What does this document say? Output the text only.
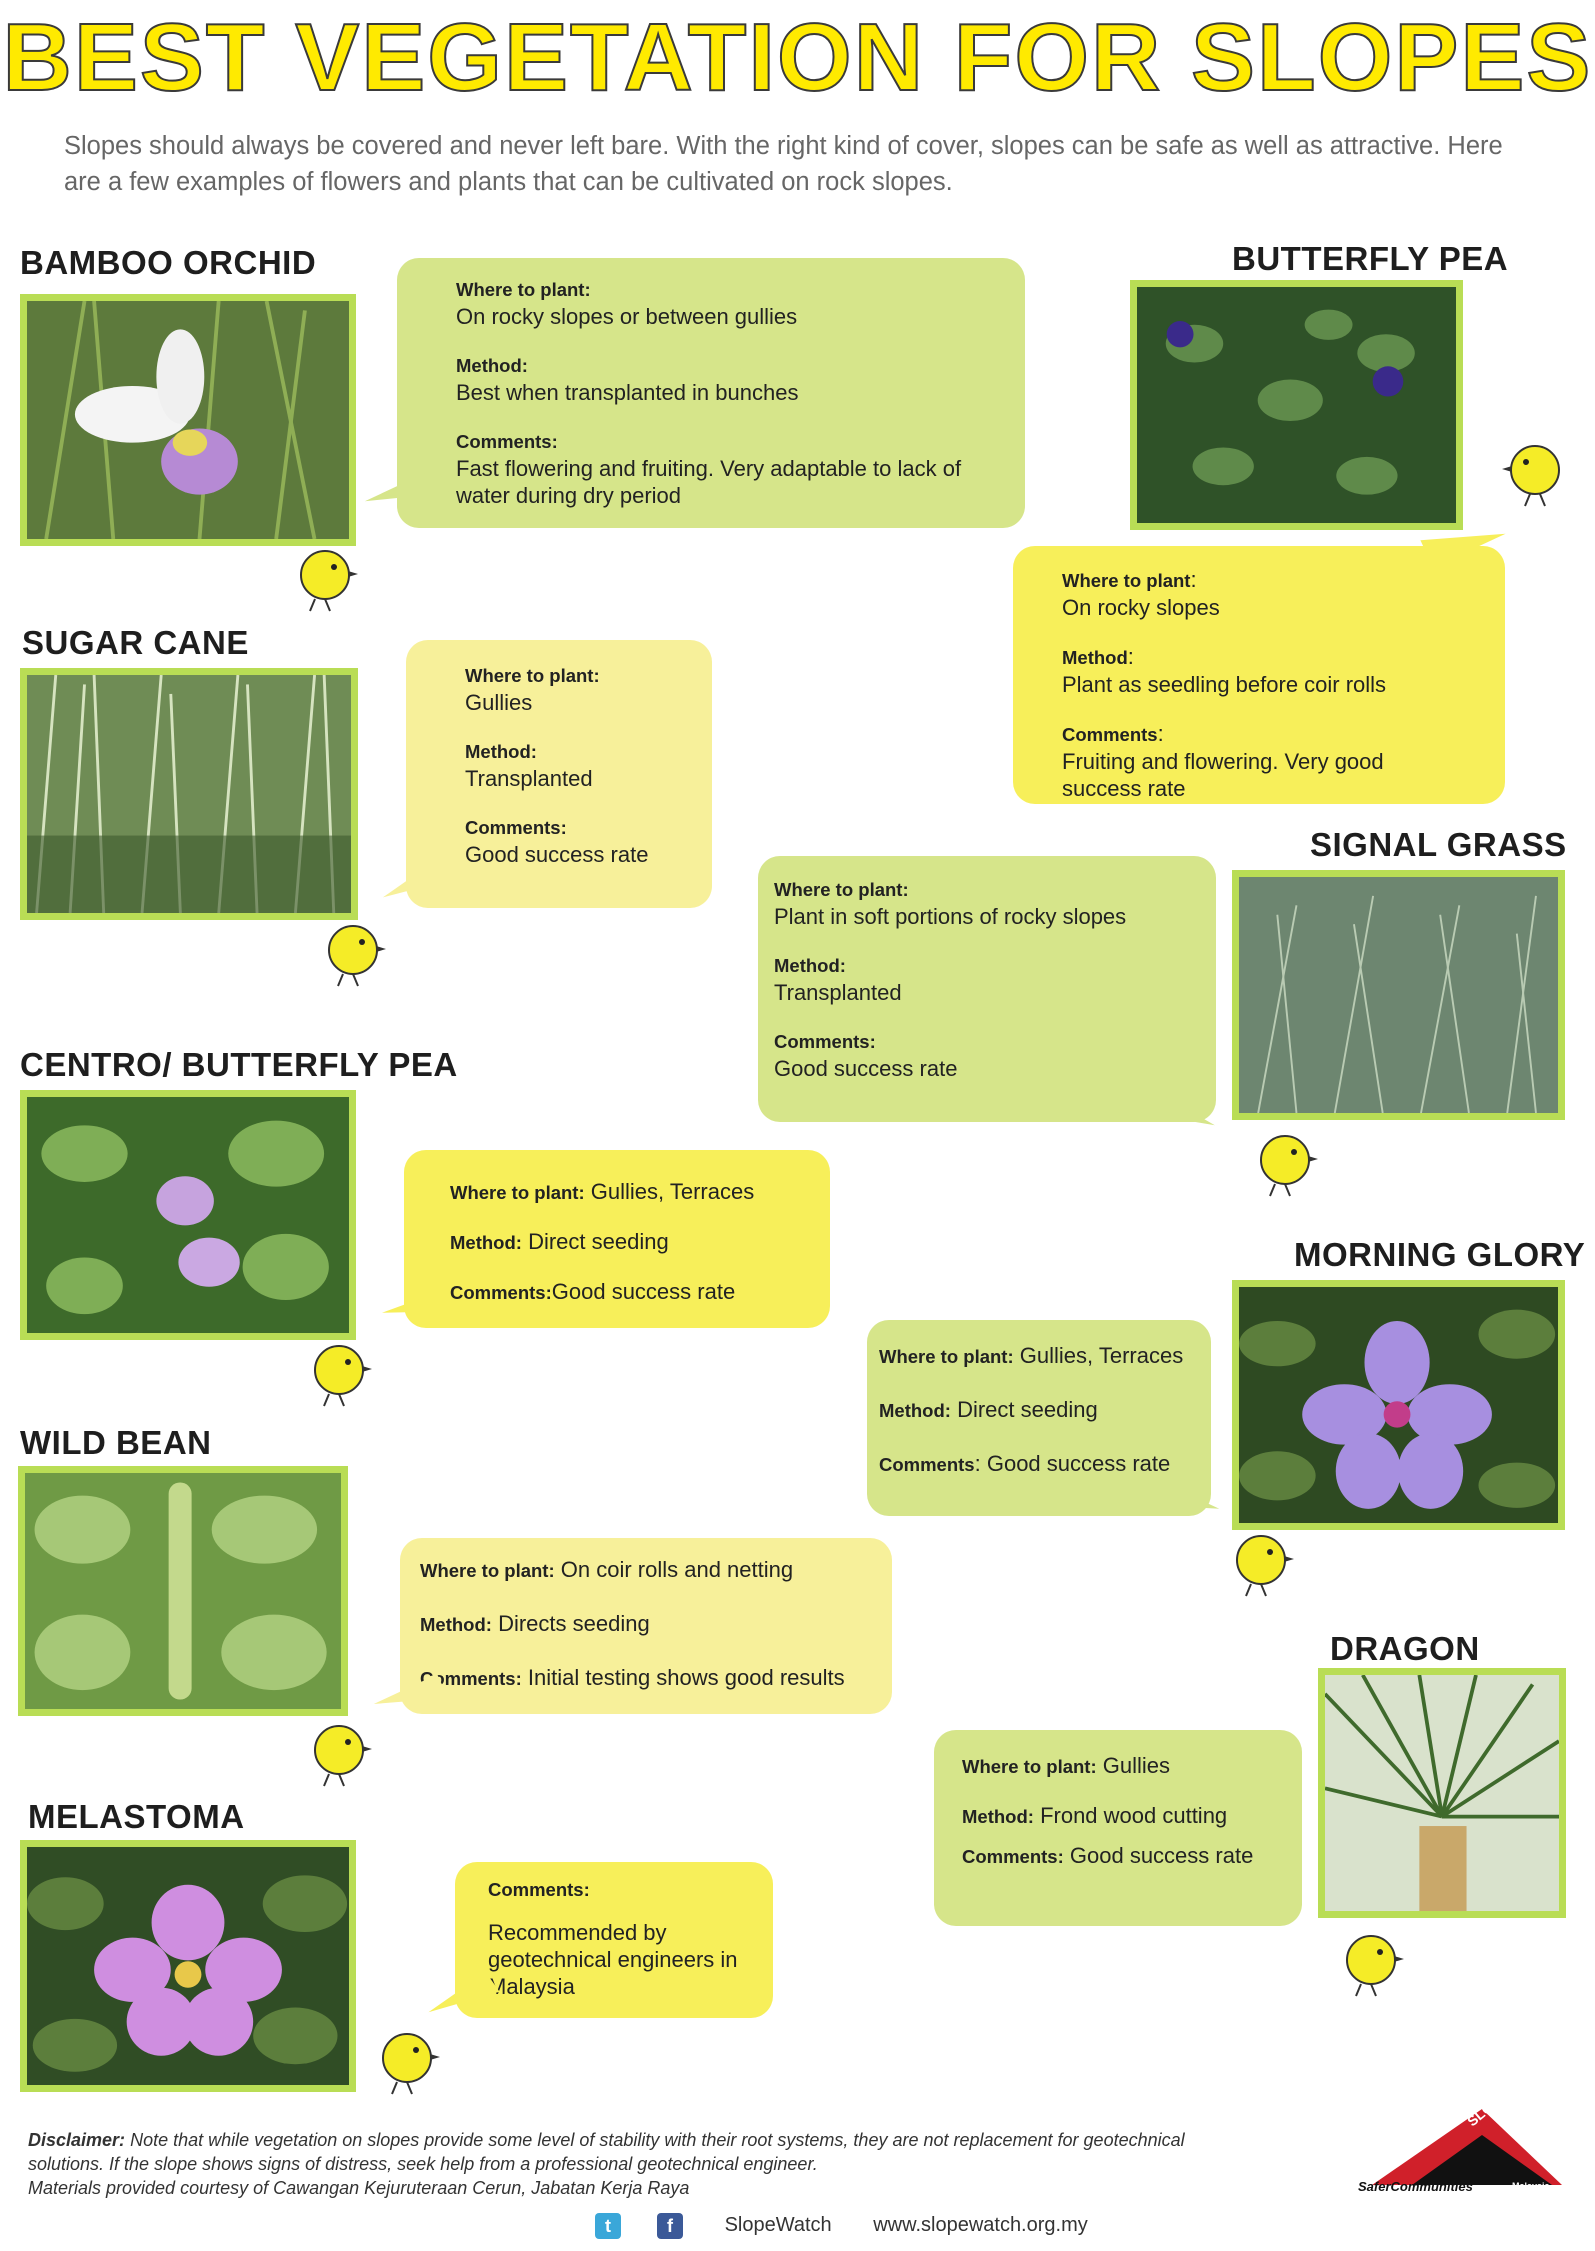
BEST VEGETATION FOR SLOPES
Slopes should always be covered and never left bare. With the right kind of cover, slopes can be safe as well as attractive. Here are a few examples of flowers and plants that can be cultivated on rock slopes.
BAMBOO ORCHID
Where to plant:
On rocky slopes or between gullies
Method:
Best when transplanted in bunches
Comments:
Fast flowering and fruiting. Very adaptable to lack of water during dry period
BUTTERFLY PEA
Where to plant:
On rocky slopes
Method:
Plant as seedling before coir rolls
Comments:
Fruiting and flowering. Very good success rate
SUGAR CANE
Where to plant:
Gullies
Method:
Transplanted
Comments:
Good success rate	SIGNAL GRASS
Where to plant:
Plant in soft portions of rocky slopes
Method:
Transplanted
Comments:
Good success rate
CENTRO/ BUTTERFLY PEA
Where to plant: Gullies, Terraces
Method: Direct seeding
Comments:Good success rate
MORNING GLORY
Where to plant: Gullies, Terraces
Method: Direct seeding
Comments: Good success rate
WILD BEAN
Where to plant: On coir rolls and netting
Method: Directs seeding
Comments: Initial testing shows good results
DRAGON
Where to plant: Gullies
Method: Frond wood cutting
Comments: Good success rate
MELASTOMA
Comments:
Recommended by geotechnical engineers in Malaysia
Disclaimer: Note that while vegetation on slopes provide some level of stability with their root systems, they are not replacement for geotechnical solutions. If the slope shows signs of distress, seek help from a professional geotechnical engineer.
Materials provided courtesy of Cawangan Kejuruteraan Cerun, Jabatan Kerja Raya
SLOPEWATCH
SaferCommunities	Malaysia
t	f	SlopeWatch www.slopewatch.org.my
